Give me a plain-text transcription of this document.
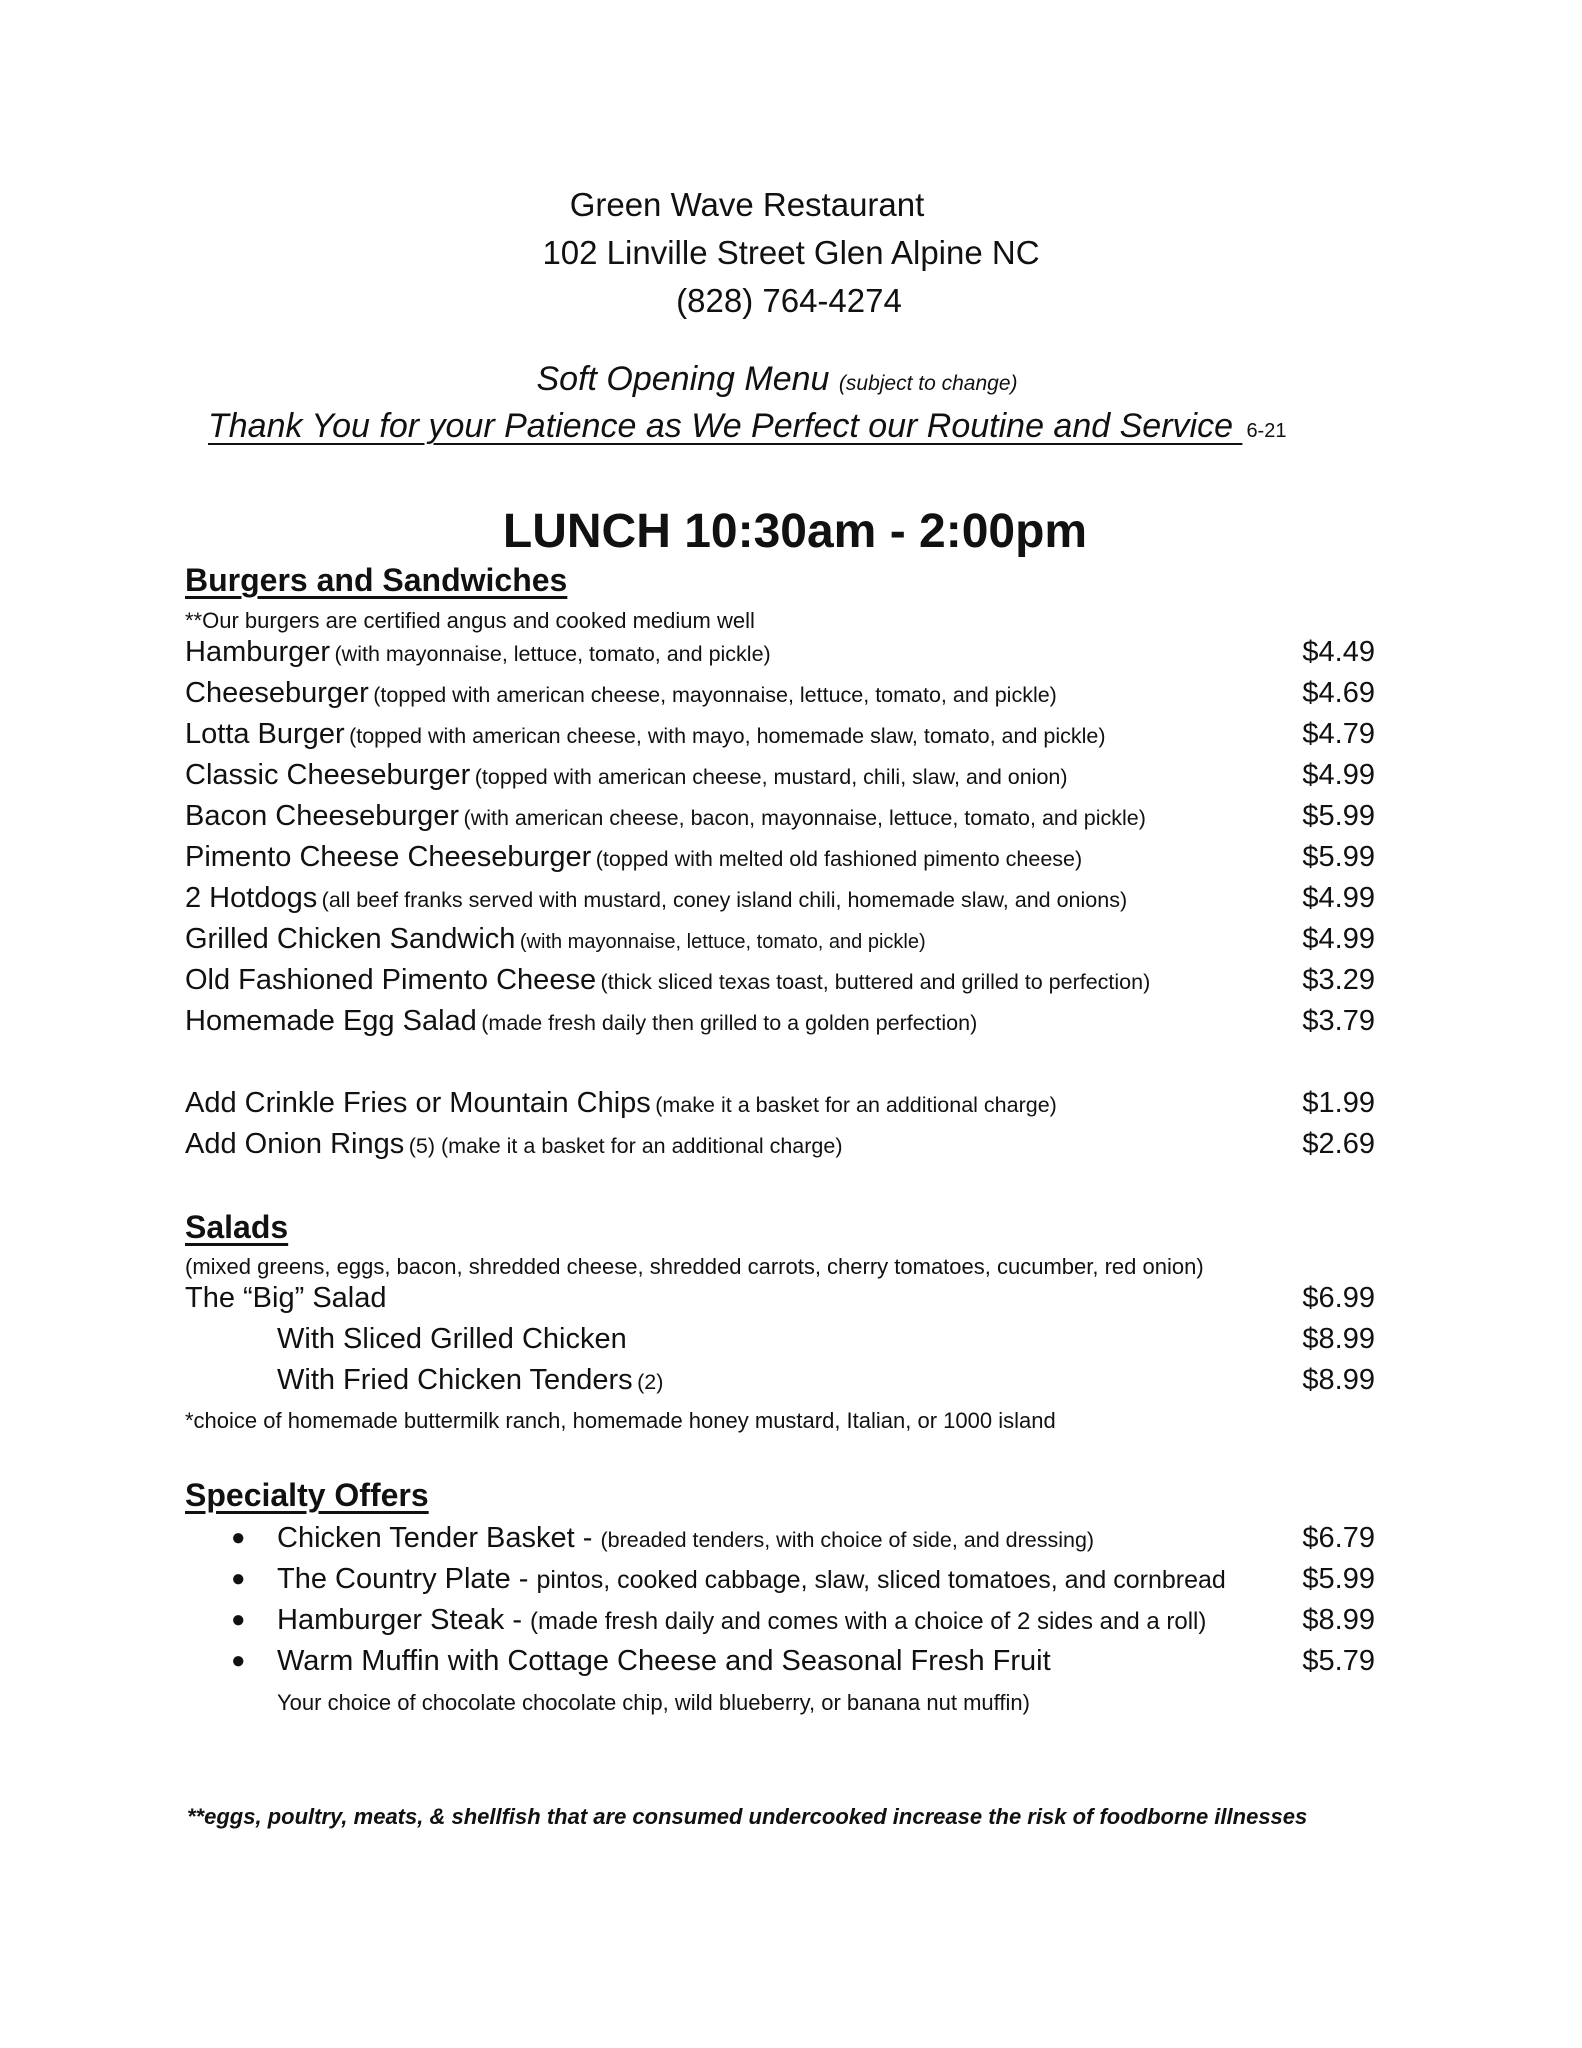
Green Wave Restaurant
102 Linville Street Glen Alpine NC
(828) 764-4274
Soft Opening Menu (subject to change)
Thank You for your Patience as We Perfect our Routine and Service 6-21
LUNCH 10:30am - 2:00pm
Burgers and Sandwiches
**Our burgers are certified angus and cooked medium well
Hamburger (with mayonnaise, lettuce, tomato, and pickle)	$4.49
Cheeseburger (topped with american cheese, mayonnaise, lettuce, tomato, and pickle)	$4.69
Lotta Burger (topped with american cheese, with mayo, homemade slaw, tomato, and pickle)	$4.79
Classic Cheeseburger (topped with american cheese, mustard, chili, slaw, and onion)	$4.99
Bacon Cheeseburger (with american cheese, bacon, mayonnaise, lettuce, tomato, and pickle)	$5.99
Pimento Cheese Cheeseburger (topped with melted old fashioned pimento cheese)	$5.99
2 Hotdogs (all beef franks served with mustard, coney island chili, homemade slaw, and onions)	$4.99
Grilled Chicken Sandwich (with mayonnaise, lettuce, tomato, and pickle)	$4.99
Old Fashioned Pimento Cheese (thick sliced texas toast, buttered and grilled to perfection)	$3.29
Homemade Egg Salad (made fresh daily then grilled to a golden perfection)	$3.79
Add Crinkle Fries or Mountain Chips (make it a basket for an additional charge)	$1.99
Add Onion Rings (5) (make it a basket for an additional charge)	$2.69
Salads
(mixed greens, eggs, bacon, shredded cheese, shredded carrots, cherry tomatoes, cucumber, red onion)
The “Big” Salad	$6.99
With Sliced Grilled Chicken	$8.99
With Fried Chicken Tenders (2)	$8.99
*choice of homemade buttermilk ranch, homemade honey mustard, Italian, or 1000 island
Specialty Offers
● Chicken Tender Basket - (breaded tenders, with choice of side, and dressing)	$6.79
● The Country Plate - pintos, cooked cabbage, slaw, sliced tomatoes, and cornbread	$5.99
● Hamburger Steak - (made fresh daily and comes with a choice of 2 sides and a roll)	$8.99
● Warm Muffin with Cottage Cheese and Seasonal Fresh Fruit	$5.79
Your choice of chocolate chocolate chip, wild blueberry, or banana nut muffin)
**eggs, poultry, meats, & shellfish that are consumed undercooked increase the risk of foodborne illnesses
